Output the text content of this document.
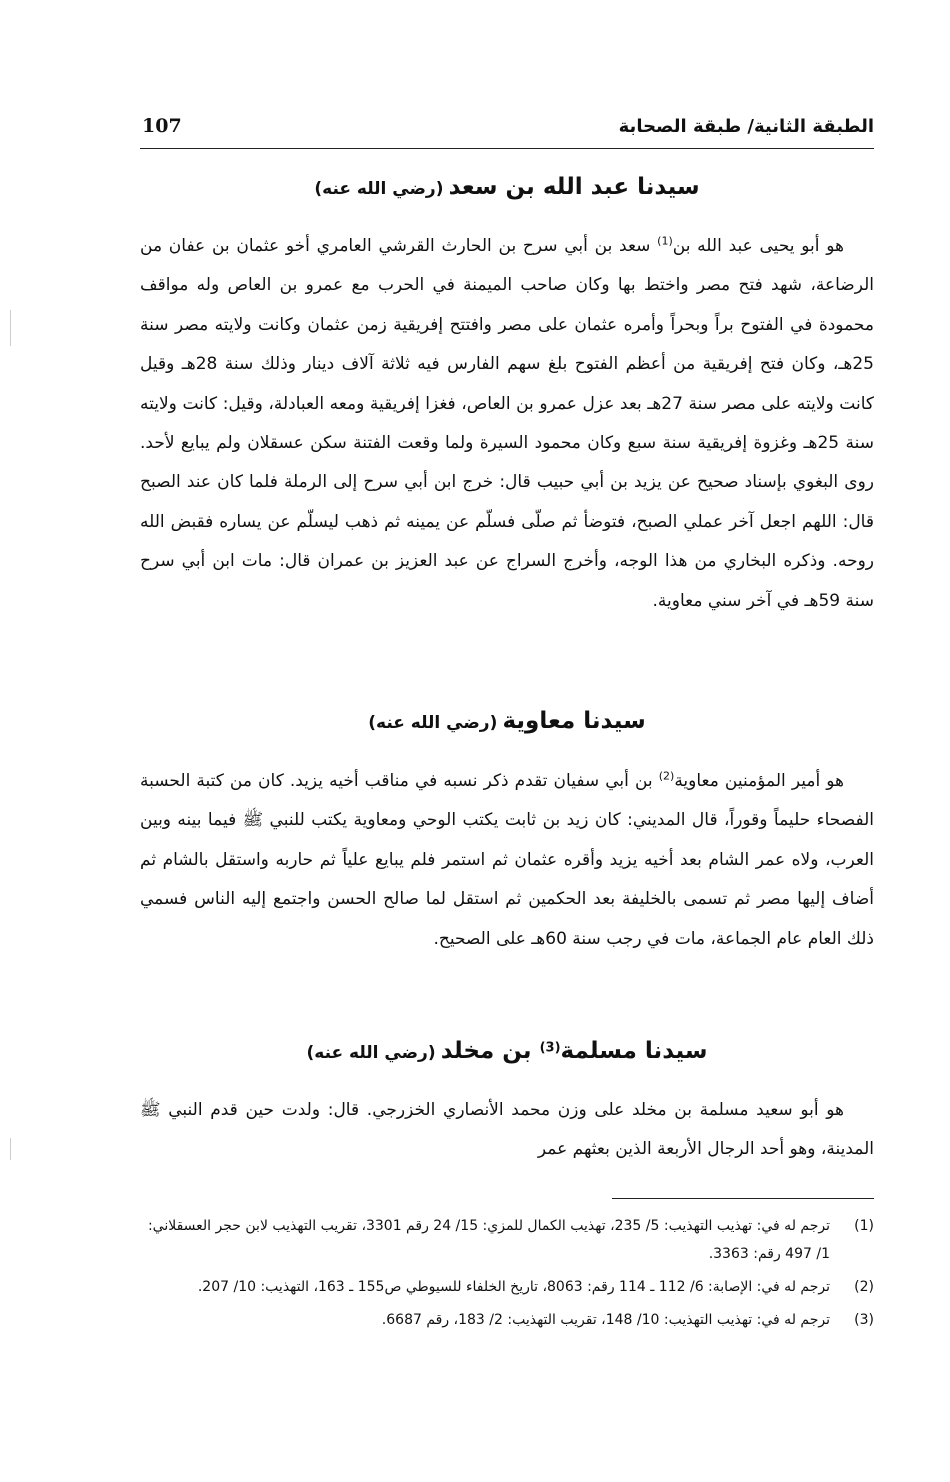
الطبقة الثانية/ طبقة الصحابة
107
سيدنا عبد الله بن سعد (رضي الله عنه)

هو أبو يحيى عبد الله بن$^{(1)}$ سعد بن أبي سرح بن الحارث القرشي العامري أخو عثمان بن عفان من الرضاعة، شهد فتح مصر واختط بها وكان صاحب الميمنة في الحرب مع عمرو بن العاص وله مواقف محمودة في الفتوح براً وبحراً وأمره عثمان على مصر وافتتح إفريقية زمن عثمان وكانت ولايته مصر سنة 25هـ، وكان فتح إفريقية من أعظم الفتوح بلغ سهم الفارس فيه ثلاثة آلاف دينار وذلك سنة 28هـ وقيل كانت ولايته على مصر سنة 27هـ بعد عزل عمرو بن العاص، فغزا إفريقية ومعه العبادلة، وقيل: كانت ولايته سنة 25هـ وغزوة إفريقية سنة سبع وكان محمود السيرة ولما وقعت الفتنة سكن عسقلان ولم يبايع لأحد. روى البغوي بإسناد صحيح عن يزيد بن أبي حبيب قال: خرج ابن أبي سرح إلى الرملة فلما كان عند الصبح قال: اللهم اجعل آخر عملي الصبح، فتوضأ ثم صلّى فسلّم عن يمينه ثم ذهب ليسلّم عن يساره فقبض الله روحه. وذكره البخاري من هذا الوجه، وأخرج السراج عن عبد العزيز بن عمران قال: مات ابن أبي سرح سنة 59هـ في آخر سني معاوية.

سيدنا معاوية (رضي الله عنه)

هو أمير المؤمنين معاوية$^{(2)}$ بن أبي سفيان تقدم ذكر نسبه في مناقب أخيه يزيد. كان من كتبة الحسبة الفصحاء حليماً وقوراً، قال المديني: كان زيد بن ثابت يكتب الوحي ومعاوية يكتب للنبي ﷺ فيما بينه وبين العرب، ولاه عمر الشام بعد أخيه يزيد وأقره عثمان ثم استمر فلم يبايع علياً ثم حاربه واستقل بالشام ثم أضاف إليها مصر ثم تسمى بالخليفة بعد الحكمين ثم استقل لما صالح الحسن واجتمع إليه الناس فسمي ذلك العام عام الجماعة، مات في رجب سنة 60هـ على الصحيح.

سيدنا مسلمة$^{(3)}$ بن مخلد (رضي الله عنه)

هو أبو سعيد مسلمة بن مخلد على وزن محمد الأنصاري الخزرجي. قال: ولدت حين قدم النبي ﷺ المدينة، وهو أحد الرجال الأربعة الذين بعثهم عمر

(1)
ترجم له في: تهذيب التهذيب: 5/ 235، تهذيب الكمال للمزي: 15/ 24 رقم 3301، تقريب التهذيب لابن حجر العسقلاني: 1/ 497 رقم: 3363.
(2)
ترجم له في: الإصابة: 6/ 112 ـ 114 رقم: 8063، تاريخ الخلفاء للسيوطي ص155 ـ 163، التهذيب: 10/ 207.
(3)
ترجم له في: تهذيب التهذيب: 10/ 148، تقريب التهذيب: 2/ 183، رقم 6687.
